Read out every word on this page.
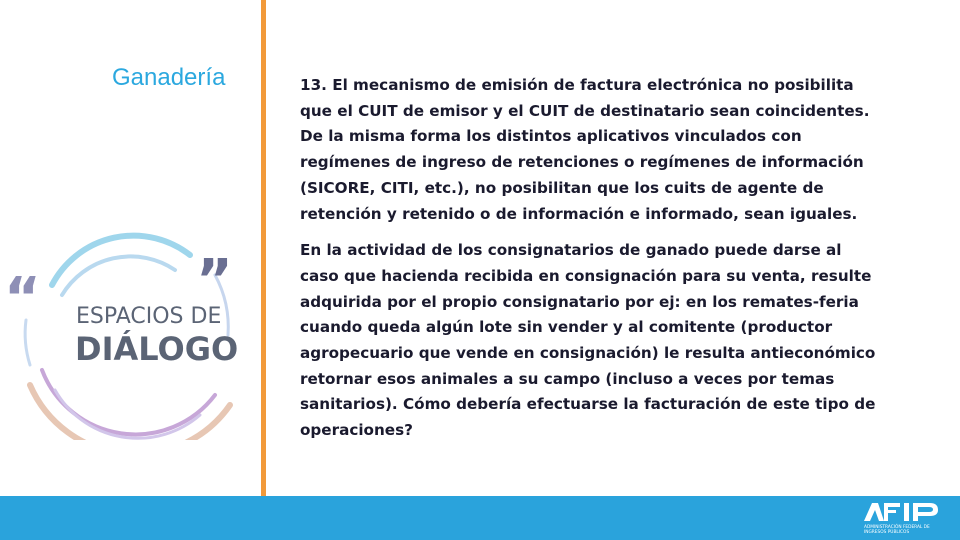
Ganadería
“	”
ESPACIOS DE
DIÁLOGO

13. El mecanismo de emisión de factura electrónica no posibilita que el CUIT de emisor y el CUIT de destinatario sean coincidentes. De la misma forma los distintos aplicativos vinculados con regímenes de ingreso de retenciones o regímenes de información (SICORE, CITI, etc.), no posibilitan que los cuits de agente de retención y retenido o de información e informado, sean iguales.

En la actividad de los consignatarios de ganado puede darse al caso que hacienda recibida en consignación para su venta, resulte adquirida por el propio consignatario por ej: en los remates-feria cuando queda algún lote sin vender y al comitente (productor agropecuario que vende en consignación) le resulta antieconómico retornar esos animales a su campo (incluso a veces por temas sanitarios). Cómo debería efectuarse la facturación de este tipo de operaciones?

ADMINISTRACIÓN FEDERAL DE
INGRESOS PÚBLICOS
